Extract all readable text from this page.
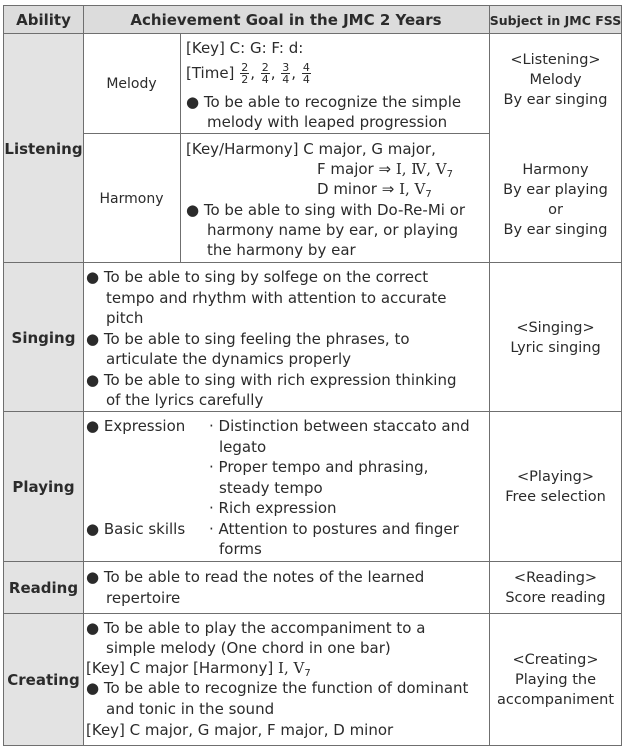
Ability	Achievement Goal in the JMC 2 Years	Subject in JMC FSS
Listening
Melody
Harmony
[Key] C: G: F: d:
[Time] $\frac{2}{2}$ , $\frac{2}{4}$ , $\frac{3}{4}$ , $\frac{4}{4}$
● To be able to recognize the simple
melody with leaped progression
[Key/Harmony] C major, G major,
F major ⇒ Ⅰ, Ⅳ, $V_7$
D minor ⇒ Ⅰ, $V_7$
● To be able to sing with Do-Re-Mi or
harmony name by ear, or playing
the harmony by ear
<Listening>
Melody
By ear singing
Harmony
By ear playing
or
By ear singing
Singing
● To be able to sing by solfege on the correct
tempo and rhythm with attention to accurate
pitch
● To be able to sing feeling the phrases, to
articulate the dynamics properly
● To be able to sing with rich expression thinking
of the lyrics carefully
<Singing>
Lyric singing
Playing
● Expression
● Basic skills
· Distinction between staccato and
legato
· Proper tempo and phrasing,
steady tempo
· Rich expression
· Attention to postures and finger
forms
<Playing>
Free selection
Reading
● To be able to read the notes of the learned
repertoire
<Reading>
Score reading
Creating
● To be able to play the accompaniment to a
simple melody (One chord in one bar)
[Key] C major [Harmony] Ⅰ, $V_7$
● To be able to recognize the function of dominant
and tonic in the sound
[Key] C major, G major, F major, D minor
<Creating>
Playing the
accompaniment
